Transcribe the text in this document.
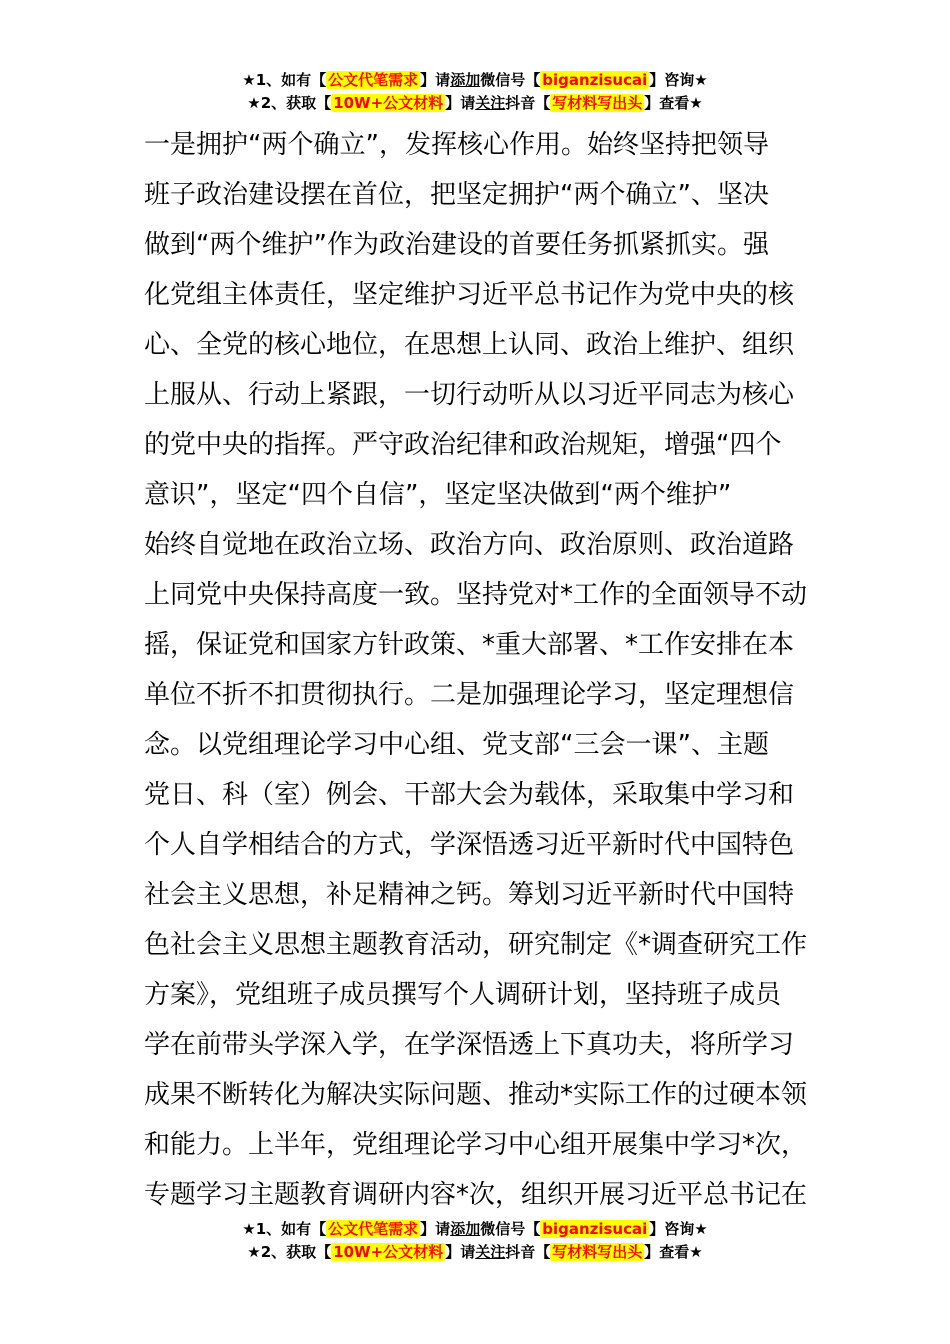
★1、如有【 公文代笔需求 】请添加微信号【 biganzisucai 】咨询★
★2、获取【 10W+公文材料 】请关注抖音【 写材料写出头 】查看★
一是拥护“两个确立”，发挥核心作用。始终坚持把领导
班子政治建设摆在首位，把坚定拥护“两个确立”、坚决
做到“两个维护”作为政治建设的首要任务抓紧抓实。强
化党组主体责任，坚定维护习近平总书记作为党中央的核
心、全党的核心地位，在思想上认同、政治上维护、组织
上服从、行动上紧跟，一切行动听从以习近平同志为核心
的党中央的指挥。严守政治纪律和政治规矩，增强“四个
意识”，坚定“四个自信”，坚定坚决做到“两个维护”
始终自觉地在政治立场、政治方向、政治原则、政治道路
上同党中央保持高度一致。坚持党对*工作的全面领导不动
摇，保证党和国家方针政策、*重大部署、*工作安排在本
单位不折不扣贯彻执行。二是加强理论学习，坚定理想信
念。以党组理论学习中心组、党支部“三会一课”、主题
党日、科（室）例会、干部大会为载体，采取集中学习和
个人自学相结合的方式，学深悟透习近平新时代中国特色
社会主义思想，补足精神之钙。筹划习近平新时代中国特
色社会主义思想主题教育活动，研究制定《*调查研究工作
方案》，党组班子成员撰写个人调研计划，坚持班子成员
学在前带头学深入学，在学深悟透上下真功夫，将所学习
成果不断转化为解决实际问题、推动*实际工作的过硬本领
和能力。上半年，党组理论学习中心组开展集中学习*次，
专题学习主题教育调研内容*次，组织开展习近平总书记在
★1、如有【 公文代笔需求 】请添加微信号【 biganzisucai 】咨询★
★2、获取【 10W+公文材料 】请关注抖音【 写材料写出头 】查看★
